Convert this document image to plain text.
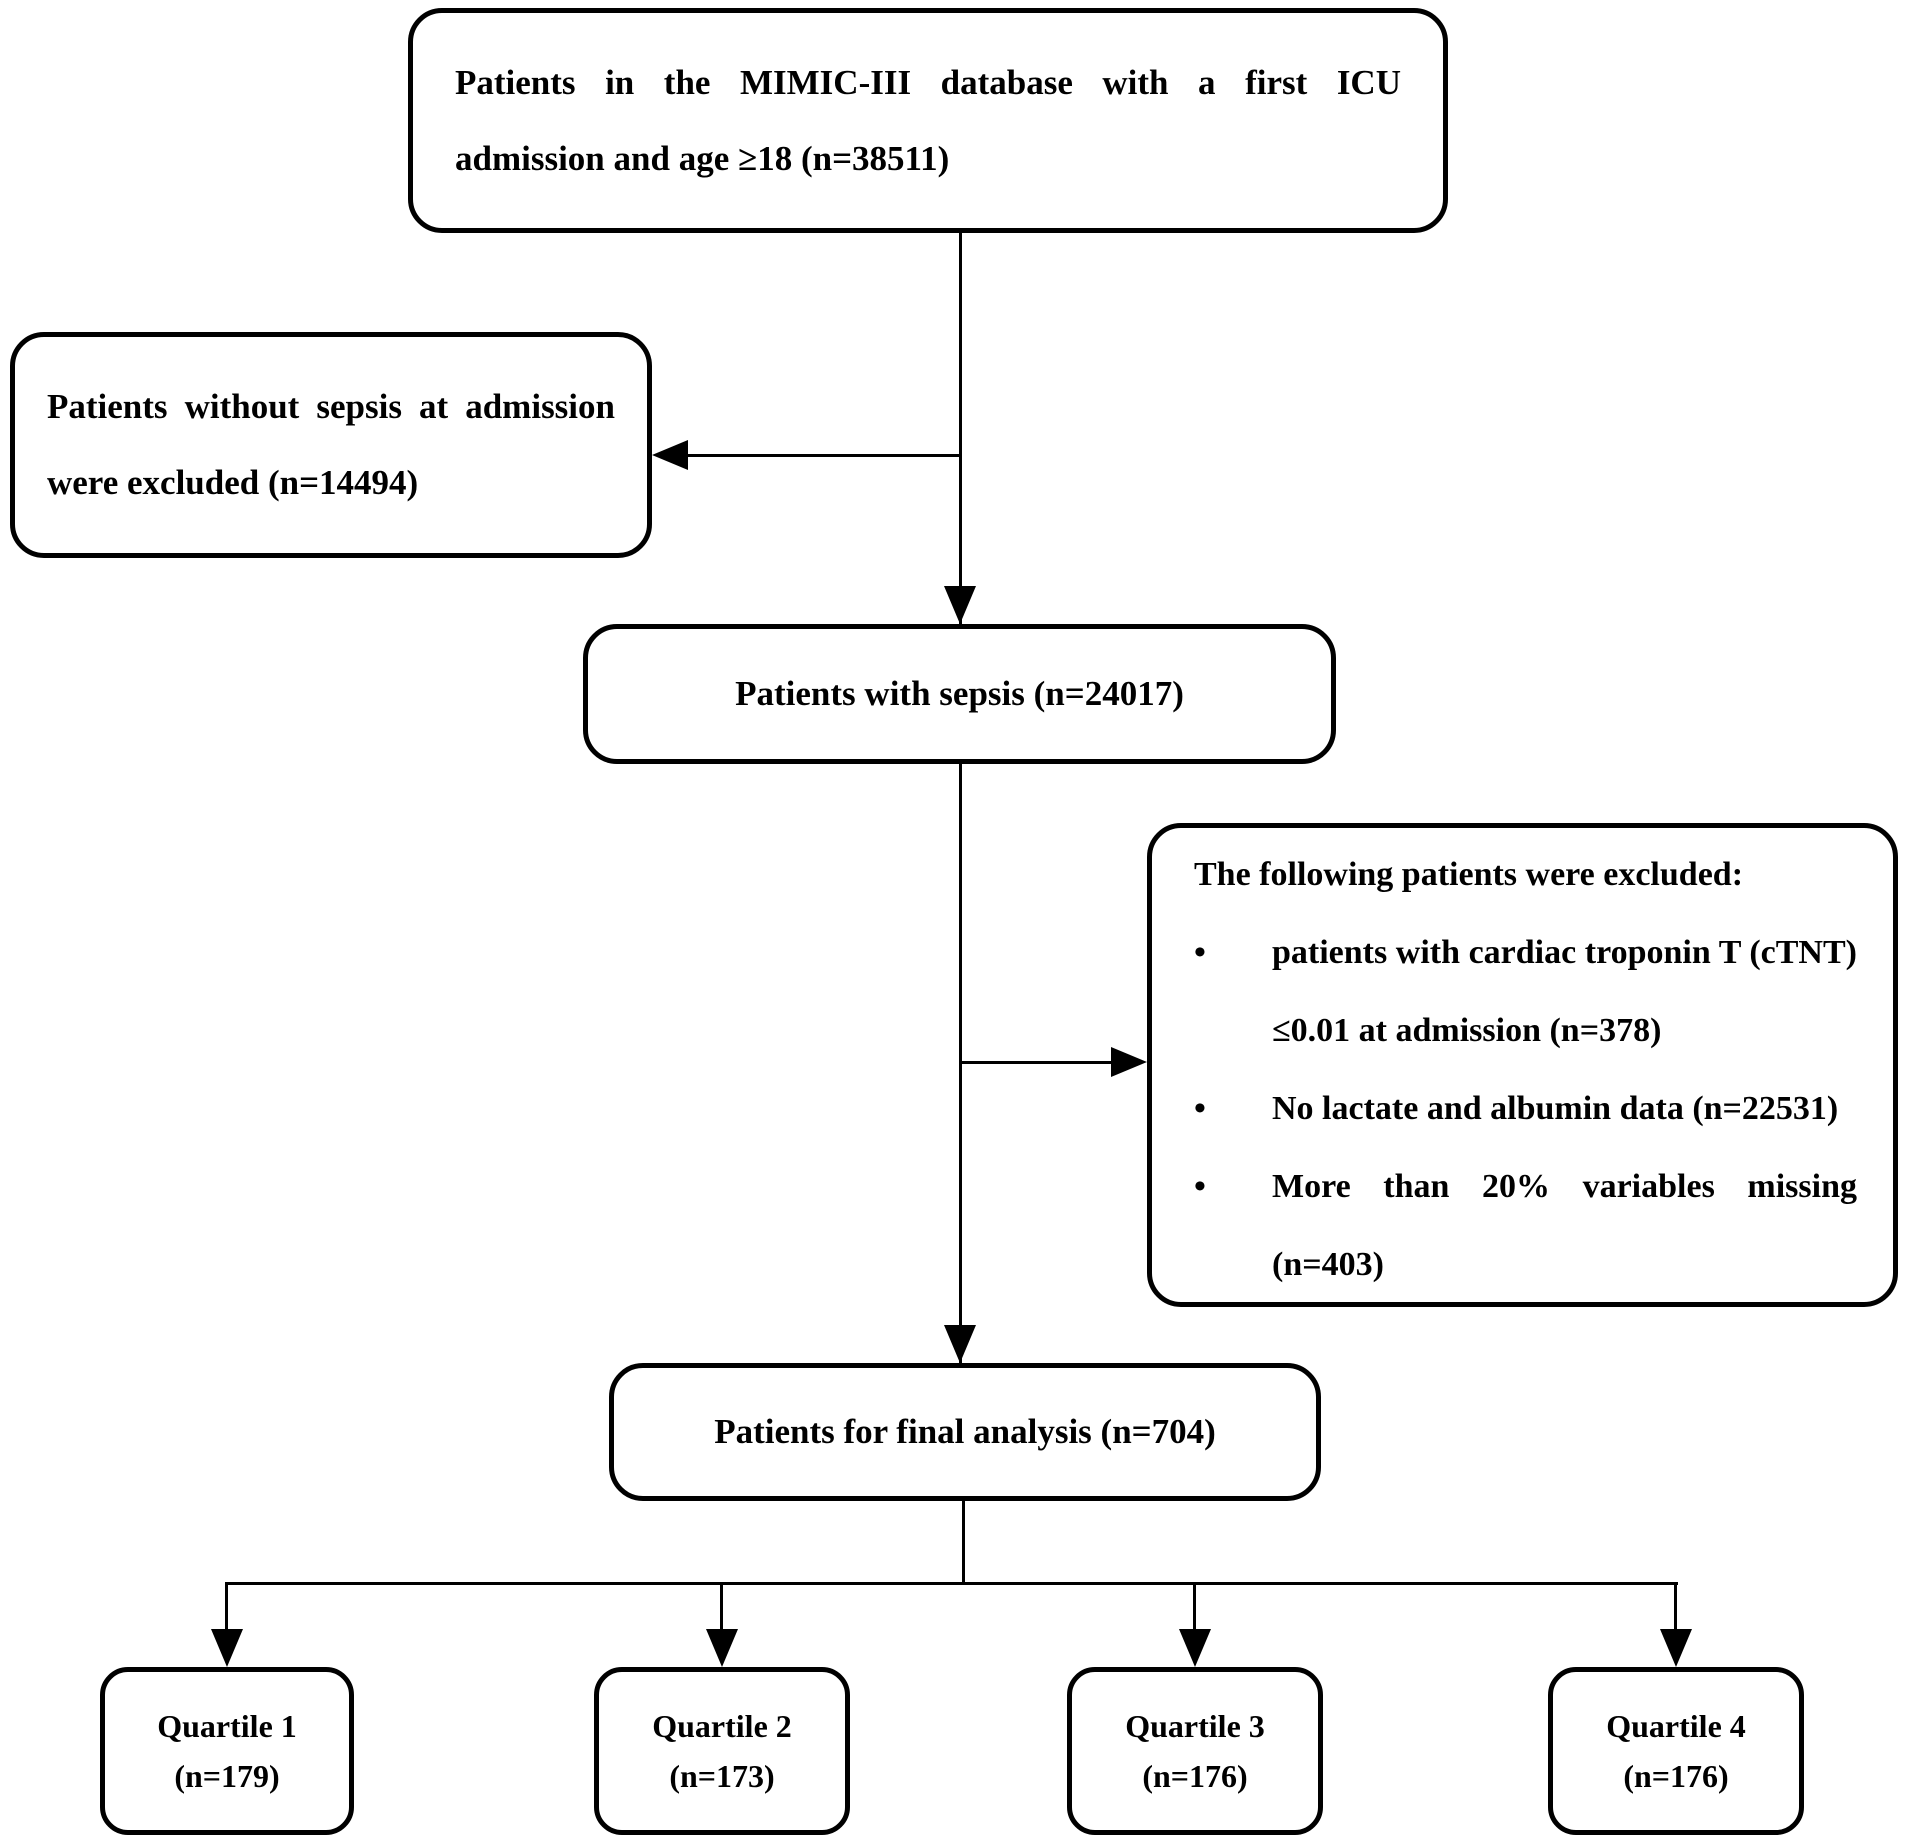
Patients in the MIMIC-III database with a first ICU
admission and age ≥18 (n=38511)
Patients without sepsis at admission
were excluded (n=14494)
Patients with sepsis (n=24017)
The following patients were excluded:
•	patients with cardiac troponin T (cTNT)
≤0.01 at admission (n=378)
•	No lactate and albumin data (n=22531)
•	More than 20% variables missing
(n=403)
Patients for final analysis (n=704)
Quartile 1
(n=179)
Quartile 2
(n=173)
Quartile 3
(n=176)
Quartile 4
(n=176)
